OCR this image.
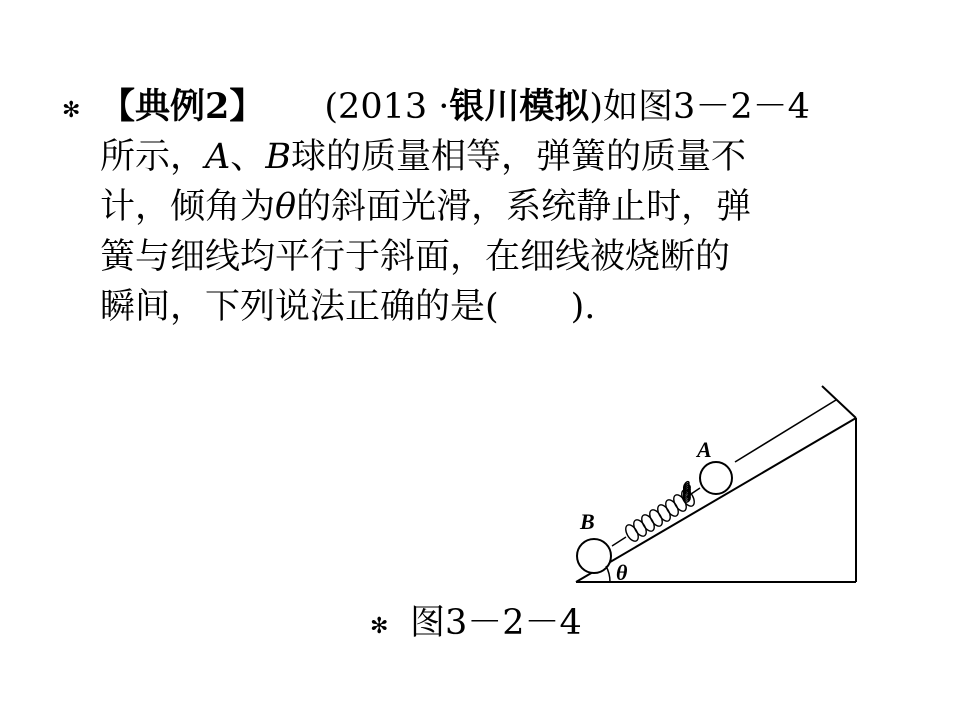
✻ 【典例2】 (2013 ·银川模拟)如图3－2－4
所示，A、B球的质量相等，弹簧的质量不
计，倾角为θ的斜面光滑，系统静止时，弹
簧与细线均平行于斜面，在细线被烧断的
瞬间，下列说法正确的是( ).
A
B
θ
✻ 图3－2－4
